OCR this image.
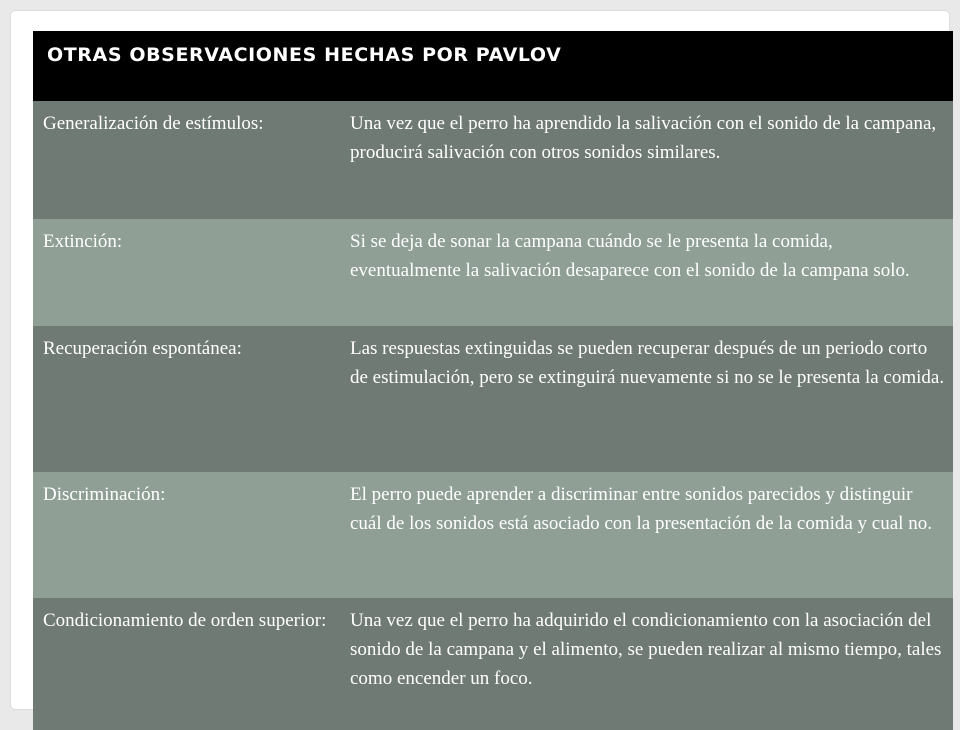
OTRAS OBSERVACIONES HECHAS POR PAVLOV
Generalización de estímulos:	Una vez que el perro ha aprendido la salivación con el sonido de la campana, producirá salivación con otros sonidos similares.
Extinción:	Si se deja de sonar la campana cuándo se le presenta la comida, eventualmente la salivación desaparece con el sonido de la campana solo.
Recuperación espontánea:	Las respuestas extinguidas se pueden recuperar después de un periodo corto de estimulación, pero se extinguirá nuevamente si no se le presenta la comida.
Discriminación:	El perro puede aprender a discriminar entre sonidos parecidos y distinguir cuál de los sonidos está asociado con la presentación de la comida y cual no.
Condicionamiento de orden superior:	Una vez que el perro ha adquirido el condicionamiento con la asociación del sonido de la campana y el alimento, se pueden realizar al mismo tiempo, tales como encender un foco.
